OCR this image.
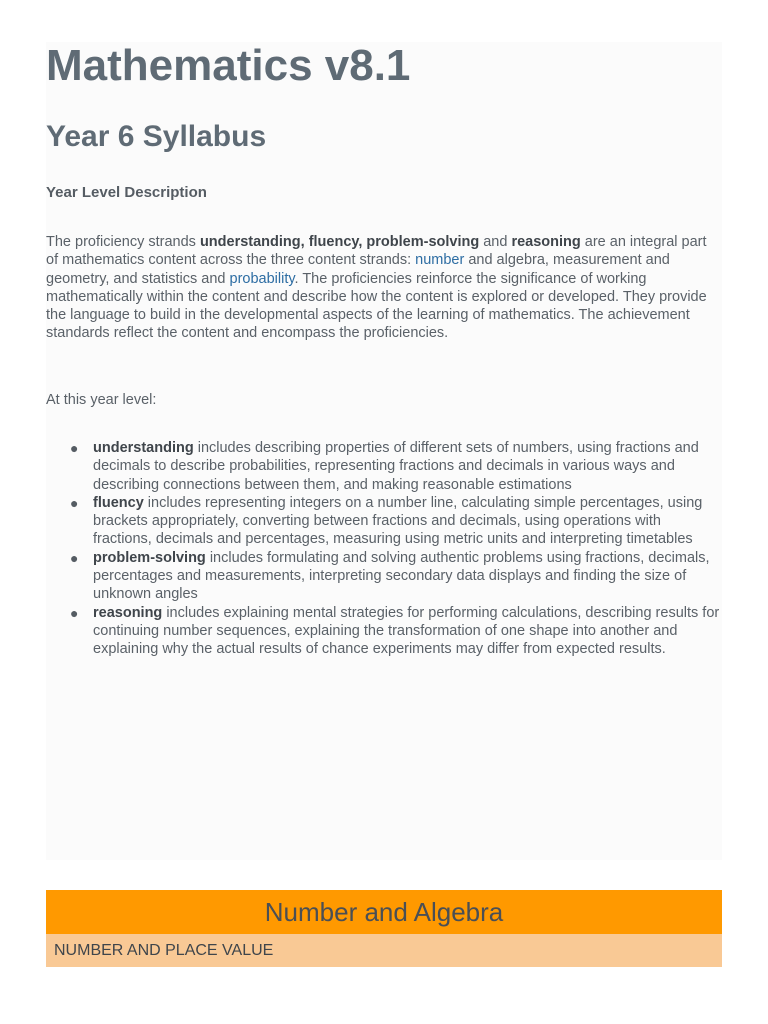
Mathematics v8.1
Year 6 Syllabus
Year Level Description

The proficiency strands understanding, fluency, problem-solving and reasoning are an integral part of mathematics content across the three content strands: number and algebra, measurement and geometry, and statistics and probability. The proficiencies reinforce the significance of working mathematically within the content and describe how the content is explored or developed. They provide the language to build in the developmental aspects of the learning of mathematics. The achievement standards reflect the content and encompass the proficiencies.

At this year level:

● understanding includes describing properties of different sets of numbers, using fractions and decimals to describe probabilities, representing fractions and decimals in various ways and describing connections between them, and making reasonable estimations
● fluency includes representing integers on a number line, calculating simple percentages, using brackets appropriately, converting between fractions and decimals, using operations with fractions, decimals and percentages, measuring using metric units and interpreting timetables
● problem-solving includes formulating and solving authentic problems using fractions, decimals, percentages and measurements, interpreting secondary data displays and finding the size of unknown angles
● reasoning includes explaining mental strategies for performing calculations, describing results for continuing number sequences, explaining the transformation of one shape into another and explaining why the actual results of chance experiments may differ from expected results.
Number and Algebra
NUMBER AND PLACE VALUE
